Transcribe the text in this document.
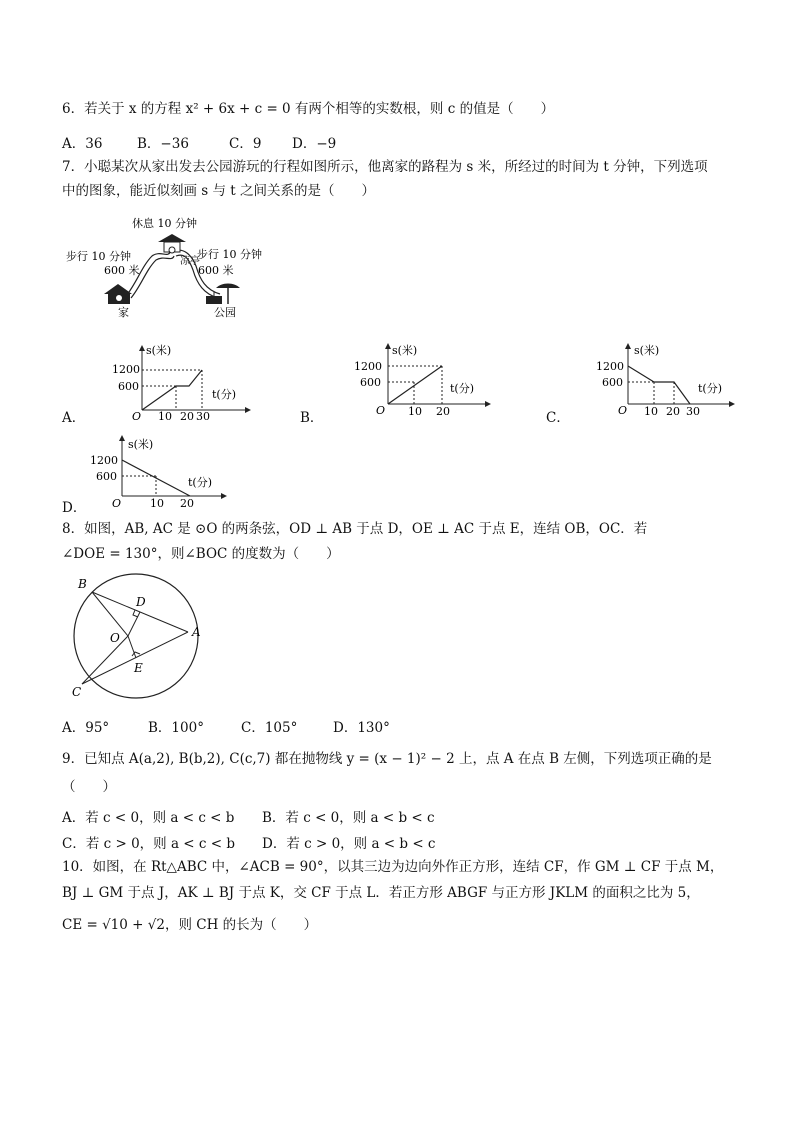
6．若关于 x 的方程 x² + 6x + c = 0 有两个相等的实数根，则 c 的值是（　　）
A．36	B．−36	C．9 D．−9
7．小聪某次从家出发去公园游玩的行程如图所示，他离家的路程为 s 米，所经过的时间为 t 分钟，下列选项
中的图象，能近似刻画 s 与 t 之间关系的是（　　）
休息 10 分钟
步行 10 分钟
600 米
步行 10 分钟
600 米
凉亭
家	公园
A．	B．	C．
D．
s(米)
t(分)
O
1200
600
10 20 30
s(米)
t(分)
O
1200
600
10 20
s(米)
t(分)
O
1200
600
10 20 30
s(米)
t(分)
O
1200
600
10 20
8．如图，AB, AC 是 ⊙O 的两条弦，OD ⊥ AB 于点 D，OE ⊥ AC 于点 E，连结 OB，OC．若
∠DOE = 130°，则∠BOC 的度数为（　　）
B
D
A
O
E
C
A．95°	B．100°	C．105°	D．130°
9．已知点 A(a,2), B(b,2), C(c,7) 都在抛物线 y = (x − 1)² − 2 上，点 A 在点 B 左侧，下列选项正确的是
（　　）
A．若 c < 0，则 a < c < b B．若 c < 0，则 a < b < c
C．若 c > 0，则 a < c < b D．若 c > 0，则 a < b < c
10．如图，在 Rt△ABC 中，∠ACB = 90°，以其三边为边向外作正方形，连结 CF，作 GM ⊥ CF 于点 M，
BJ ⊥ GM 于点 J，AK ⊥ BJ 于点 K，交 CF 于点 L．若正方形 ABGF 与正方形 JKLM 的面积之比为 5，
CE = √10 + √2，则 CH 的长为（　　）
